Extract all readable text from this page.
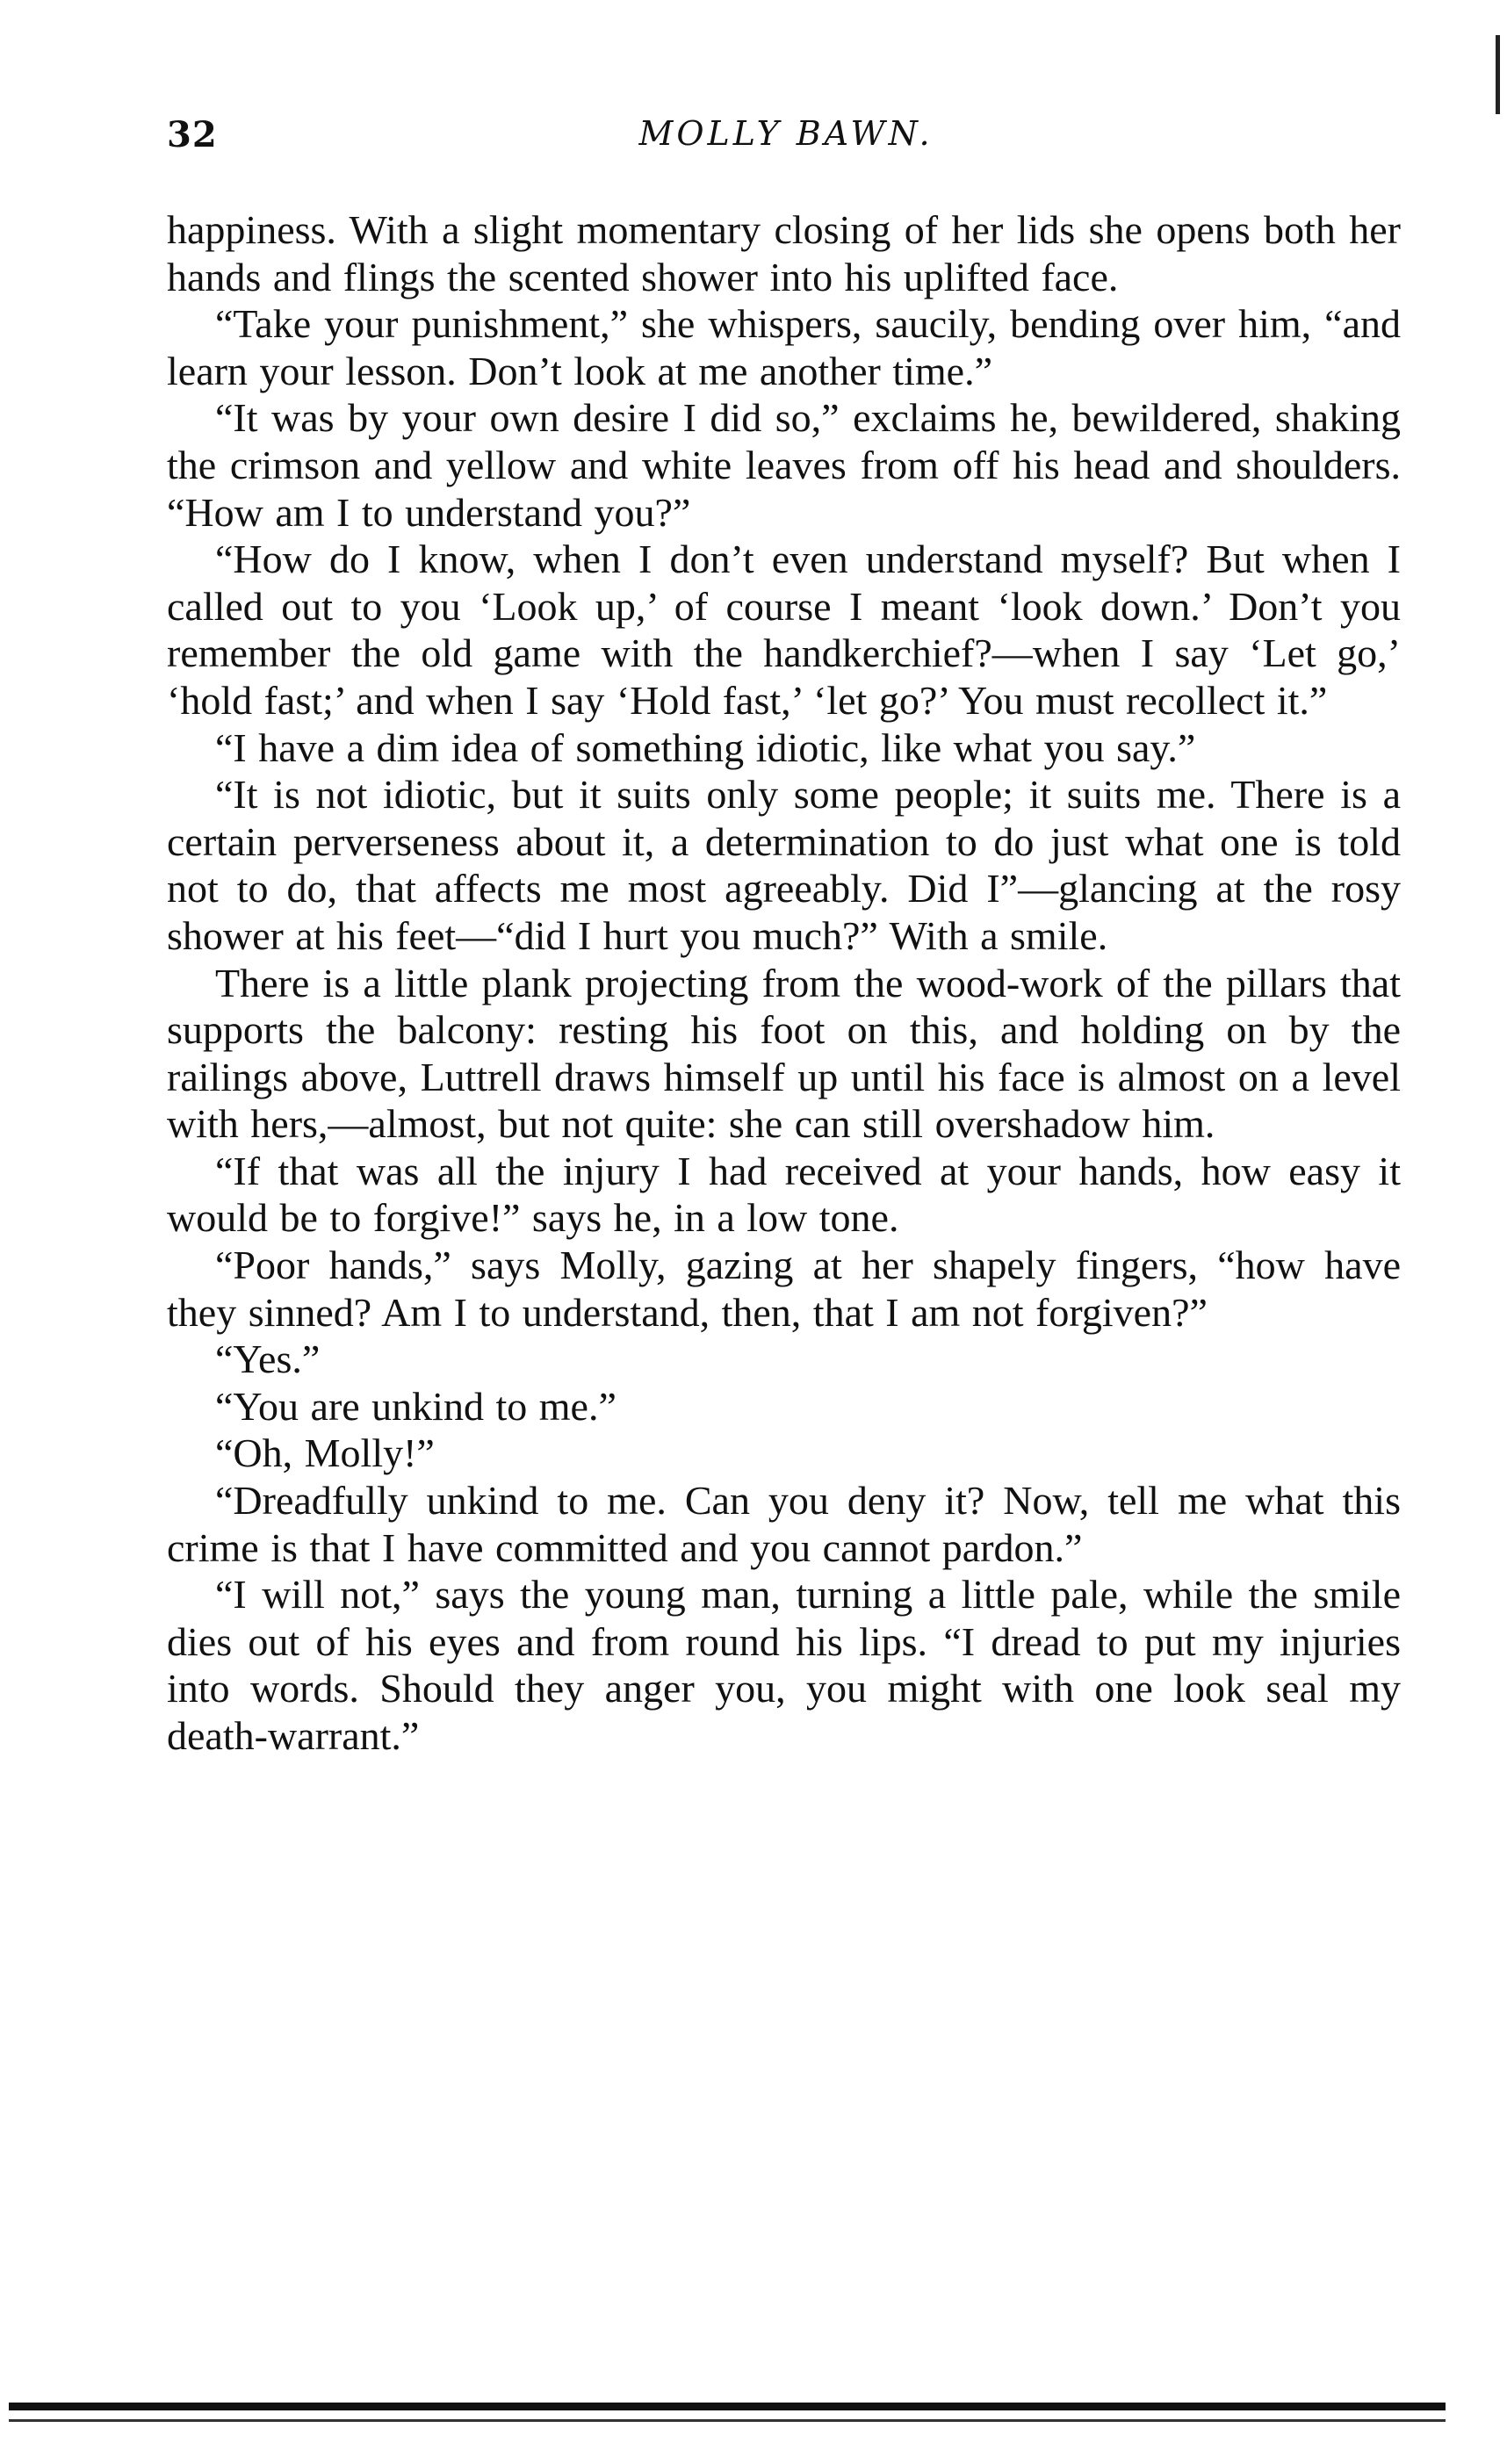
MOLLY BAWN.
32

happiness. With a slight momentary closing of her lids she opens both her hands and flings the scented shower into his uplifted face.

“Take your punishment,” she whispers, saucily, bending over him, “and learn your lesson. Don’t look at me another time.”

“It was by your own desire I did so,” exclaims he, bewildered, shaking the crimson and yellow and white leaves from off his head and shoulders. “How am I to understand you?”

“How do I know, when I don’t even understand myself? But when I called out to you ‘Look up,’ of course I meant ‘look down.’ Don’t you remember the old game with the handkerchief?—when I say ‘Let go,’ ‘hold fast;’ and when I say ‘Hold fast,’ ‘let go?’ You must recollect it.”

“I have a dim idea of something idiotic, like what you say.”

“It is not idiotic, but it suits only some people; it suits me. There is a certain perverseness about it, a determination to do just what one is told not to do, that affects me most agreeably. Did I”—glancing at the rosy shower at his feet—“did I hurt you much?” With a smile.

There is a little plank projecting from the wood-work of the pillars that supports the balcony: resting his foot on this, and holding on by the railings above, Luttrell draws himself up until his face is almost on a level with hers,—almost, but not quite: she can still overshadow him.

“If that was all the injury I had received at your hands, how easy it would be to forgive!” says he, in a low tone.

“Poor hands,” says Molly, gazing at her shapely fingers, “how have they sinned? Am I to understand, then, that I am not forgiven?”

“Yes.”

“You are unkind to me.”

“Oh, Molly!”

“Dreadfully unkind to me. Can you deny it? Now, tell me what this crime is that I have committed and you cannot pardon.”

“I will not,” says the young man, turning a little pale, while the smile dies out of his eyes and from round his lips. “I dread to put my injuries into words. Should they anger you, you might with one look seal my death-warrant.”
